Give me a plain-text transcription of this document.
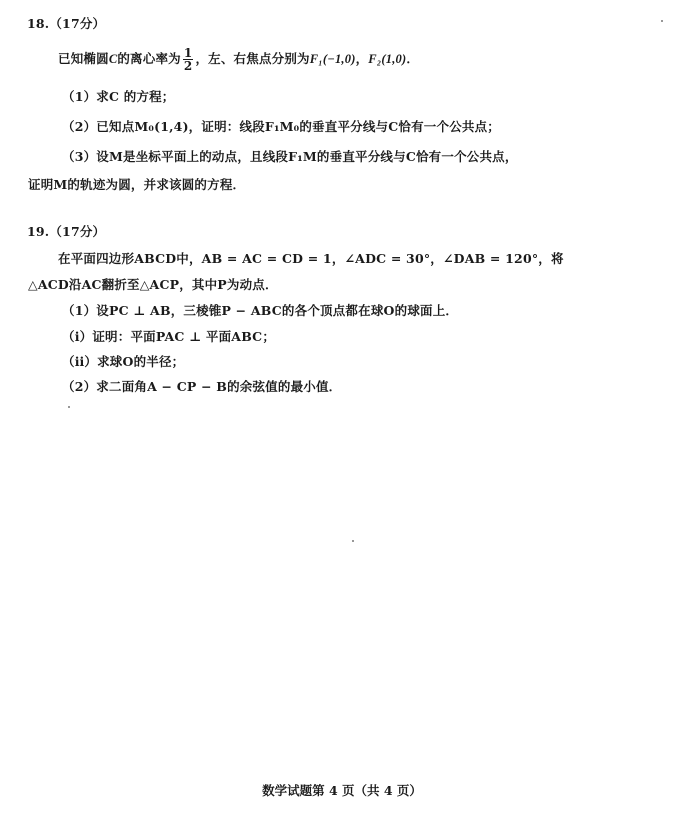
18.（17分）
已知椭圆C的离心率为 $\frac{1}{2}$ ，左、右焦点分别为F₁(−1,0)，F₂(1,0)．
（1）求C 的方程；
（2）已知点M₀(1,4)，证明：线段F₁M₀的垂直平分线与C恰有一个公共点；
（3）设M是坐标平面上的动点，且线段F₁M的垂直平分线与C恰有一个公共点，
证明M的轨迹为圆，并求该圆的方程．
19.（17分）
在平面四边形ABCD中，AB = AC = CD = 1，∠ADC = 30°，∠DAB = 120°，将
△ACD沿AC翻折至△ACP，其中P为动点．
（1）设PC ⊥ AB，三棱锥P − ABC的各个顶点都在球O的球面上．
（ⅰ）证明：平面PAC ⊥ 平面ABC；
（ⅱ）求球O的半径；
（2）求二面角A − CP − B的余弦值的最小值．
数学试题第 4 页（共 4 页）
